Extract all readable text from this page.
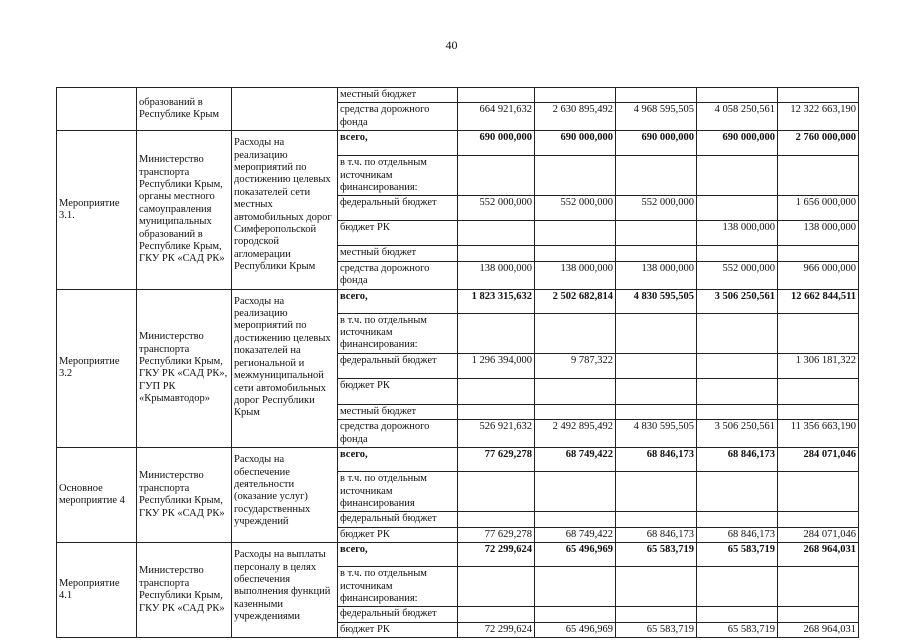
40
	образований в Республике Крым		местный бюджет					
			средства дорожного фонда	664 921,632	2 630 895,492	4 968 595,505	4 058 250,561	12 322 663,190
Мероприятие 3.1.	Министерство транспорта Республики Крым, органы местного самоуправления муниципальных образований в Республике Крым, ГКУ РК «САД РК»	Расходы на реализацию мероприятий по достижению целевых показателей сети местных автомобильных дорог Симферопольской городской агломерации Республики Крым	всего,	690 000,000	690 000,000	690 000,000	690 000,000	2 760 000,000
			в т.ч. по отдельным источникам финансирования:					
			федеральный бюджет	552 000,000	552 000,000	552 000,000		1 656 000,000
			бюджет РК				138 000,000	138 000,000
			местный бюджет					
			средства дорожного фонда	138 000,000	138 000,000	138 000,000	552 000,000	966 000,000
Мероприятие 3.2	Министерство транспорта Республики Крым, ГКУ РК «САД РК», ГУП РК «Крымавтодор»	Расходы на реализацию мероприятий по достижению целевых показателей на региональной и межмуниципальной сети автомобильных дорог Республики Крым	всего,	1 823 315,632	2 502 682,814	4 830 595,505	3 506 250,561	12 662 844,511
			в т.ч. по отдельным источникам финансирования:					
			федеральный бюджет	1 296 394,000	9 787,322			1 306 181,322
			бюджет РК					
			местный бюджет					
			средства дорожного фонда	526 921,632	2 492 895,492	4 830 595,505	3 506 250,561	11 356 663,190
Основное мероприятие 4	Министерство транспорта Республики Крым, ГКУ РК «САД РК»	Расходы на обеспечение деятельности (оказание услуг) государственных учреждений	всего,	77 629,278	68 749,422	68 846,173	68 846,173	284 071,046
			в т.ч. по отдельным источникам финансирования					
			федеральный бюджет					
			бюджет РК	77 629,278	68 749,422	68 846,173	68 846,173	284 071,046
Мероприятие 4.1	Министерство транспорта Республики Крым, ГКУ РК «САД РК»	Расходы на выплаты персоналу в целях обеспечения выполнения функций казенными учреждениями	всего,	72 299,624	65 496,969	65 583,719	65 583,719	268 964,031
			в т.ч. по отдельным источникам финансирования:					
			федеральный бюджет					
			бюджет РК	72 299,624	65 496,969	65 583,719	65 583,719	268 964,031
